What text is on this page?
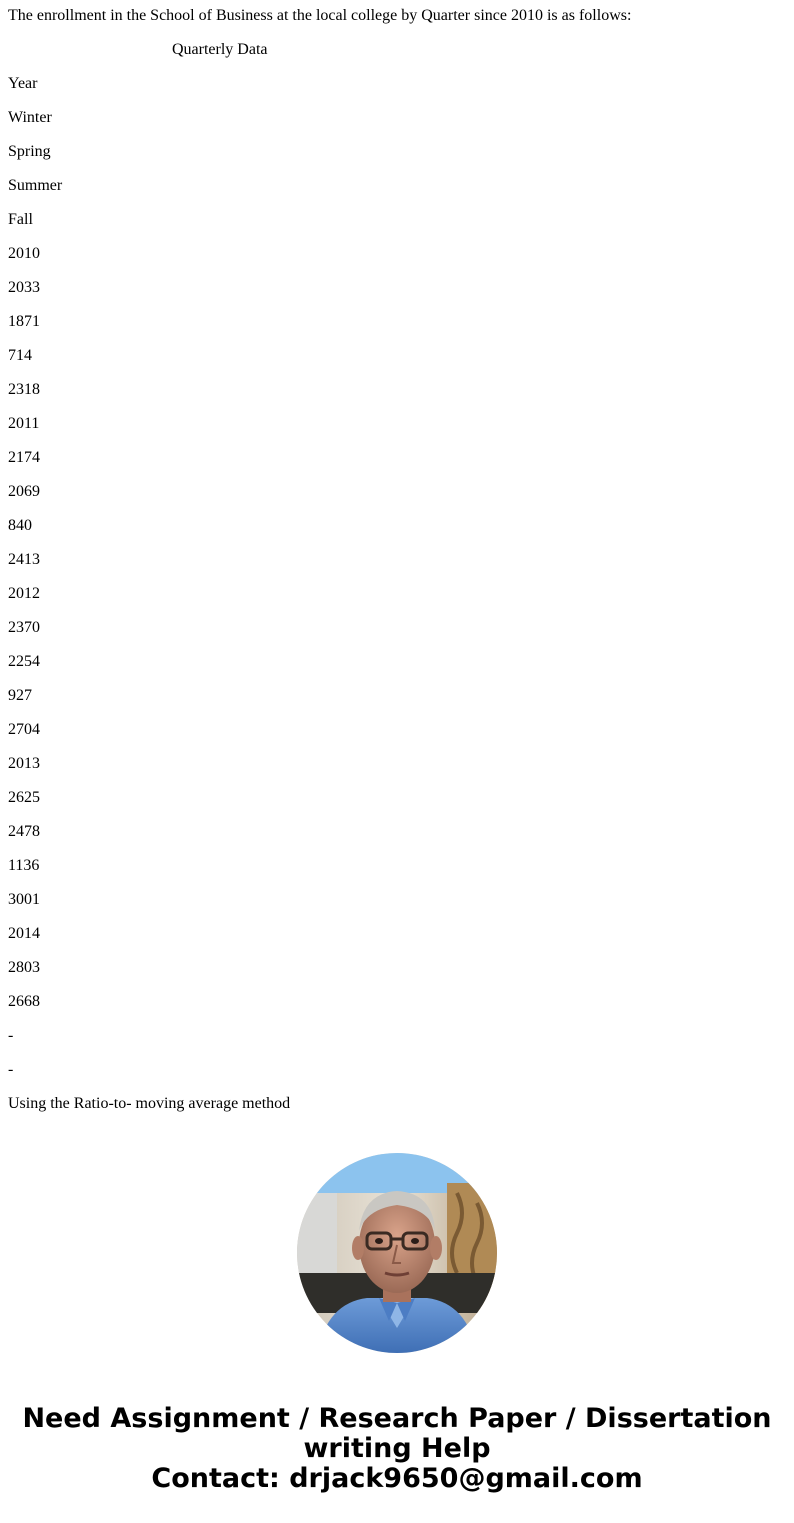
The enrollment in the School of Business at the local college by Quarter since 2010 is as follows:
Quarterly Data
Year
Winter
Spring
Summer
Fall
2010
2033
1871
714
2318
2011
2174
2069
840
2413
2012
2370
2254
927
2704
2013
2625
2478
1136
3001
2014
2803
2668
-
-
Using the Ratio-to- moving average method
Need Assignment / Research Paper / Dissertation
writing Help
Contact: drjack9650@gmail.com
